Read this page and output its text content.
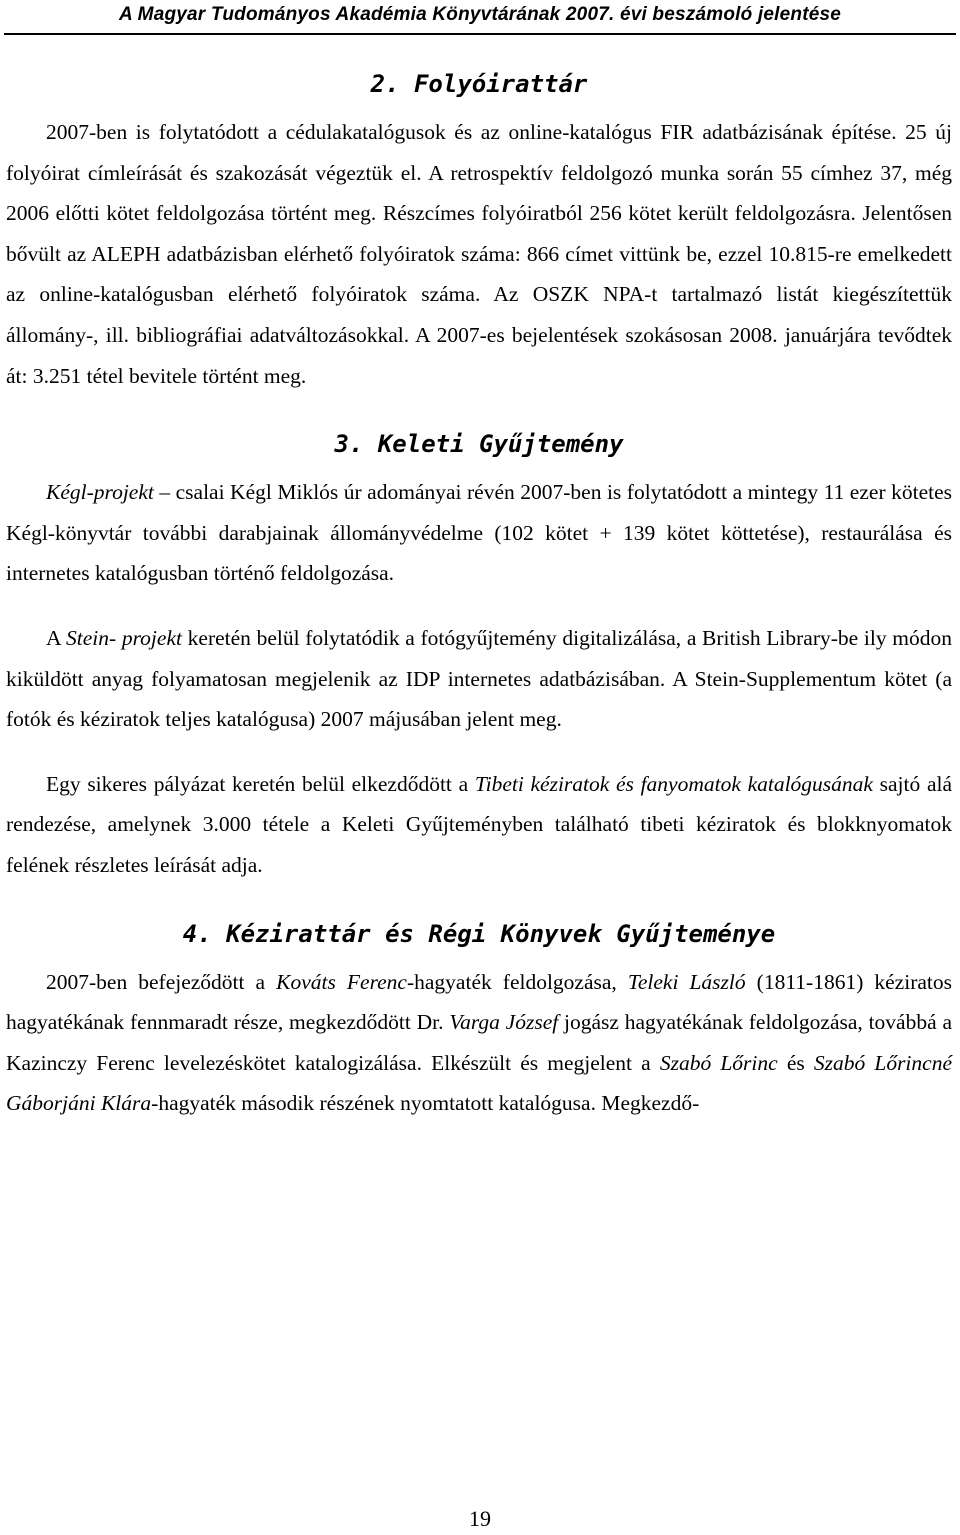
A Magyar Tudományos Akadémia Könyvtárának 2007. évi beszámoló jelentése
2. Folyóirattár

2007-ben is folytatódott a cédulakatalógusok és az online-katalógus FIR adatbázisának építése. 25 új folyóirat címleírását és szakozását végeztük el. A retrospektív feldolgozó munka során 55 címhez 37, még 2006 előtti kötet feldolgozása történt meg. Részcímes folyóiratból 256 kötet került feldolgozásra. Jelentősen bővült az ALEPH adatbázisban elérhető folyóiratok száma: 866 címet vittünk be, ezzel 10.815-re emelkedett az online-katalógusban elérhető folyóiratok száma. Az OSZK NPA-t tartalmazó listát kiegészítettük állomány-, ill. bibliográfiai adatváltozásokkal. A 2007-es bejelentések szokásosan 2008. januárjára tevődtek át: 3.251 tétel bevitele történt meg.

3. Keleti Gyűjtemény

Kégl-projekt – csalai Kégl Miklós úr adományai révén 2007-ben is folytatódott a mintegy 11 ezer kötetes Kégl-könyvtár további darabjainak állományvédelme (102 kötet + 139 kötet köttetése), restaurálása és internetes katalógusban történő feldolgozása.

A Stein- projekt keretén belül folytatódik a fotógyűjtemény digitalizálása, a British Library-be ily módon kiküldött anyag folyamatosan megjelenik az IDP internetes adatbázisában. A Stein-Supplementum kötet (a fotók és kéziratok teljes katalógusa) 2007 májusában jelent meg.

Egy sikeres pályázat keretén belül elkezdődött a Tibeti kéziratok és fanyomatok katalógusának sajtó alá rendezése, amelynek 3.000 tétele a Keleti Gyűjteményben található tibeti kéziratok és blokknyomatok felének részletes leírását adja.

4. Kézirattár és Régi Könyvek Gyűjteménye

2007-ben befejeződött a Kováts Ferenc-hagyaték feldolgozása, Teleki László (1811-1861) kéziratos hagyatékának fennmaradt része, megkezdődött Dr. Varga József jogász hagyatékának feldolgozása, továbbá a Kazinczy Ferenc levelezéskötet katalogizálása. Elkészült és megjelent a Szabó Lőrinc és Szabó Lőrincné Gáborjáni Klára-hagyaték második részének nyomtatott katalógusa. Megkezdő-

19
